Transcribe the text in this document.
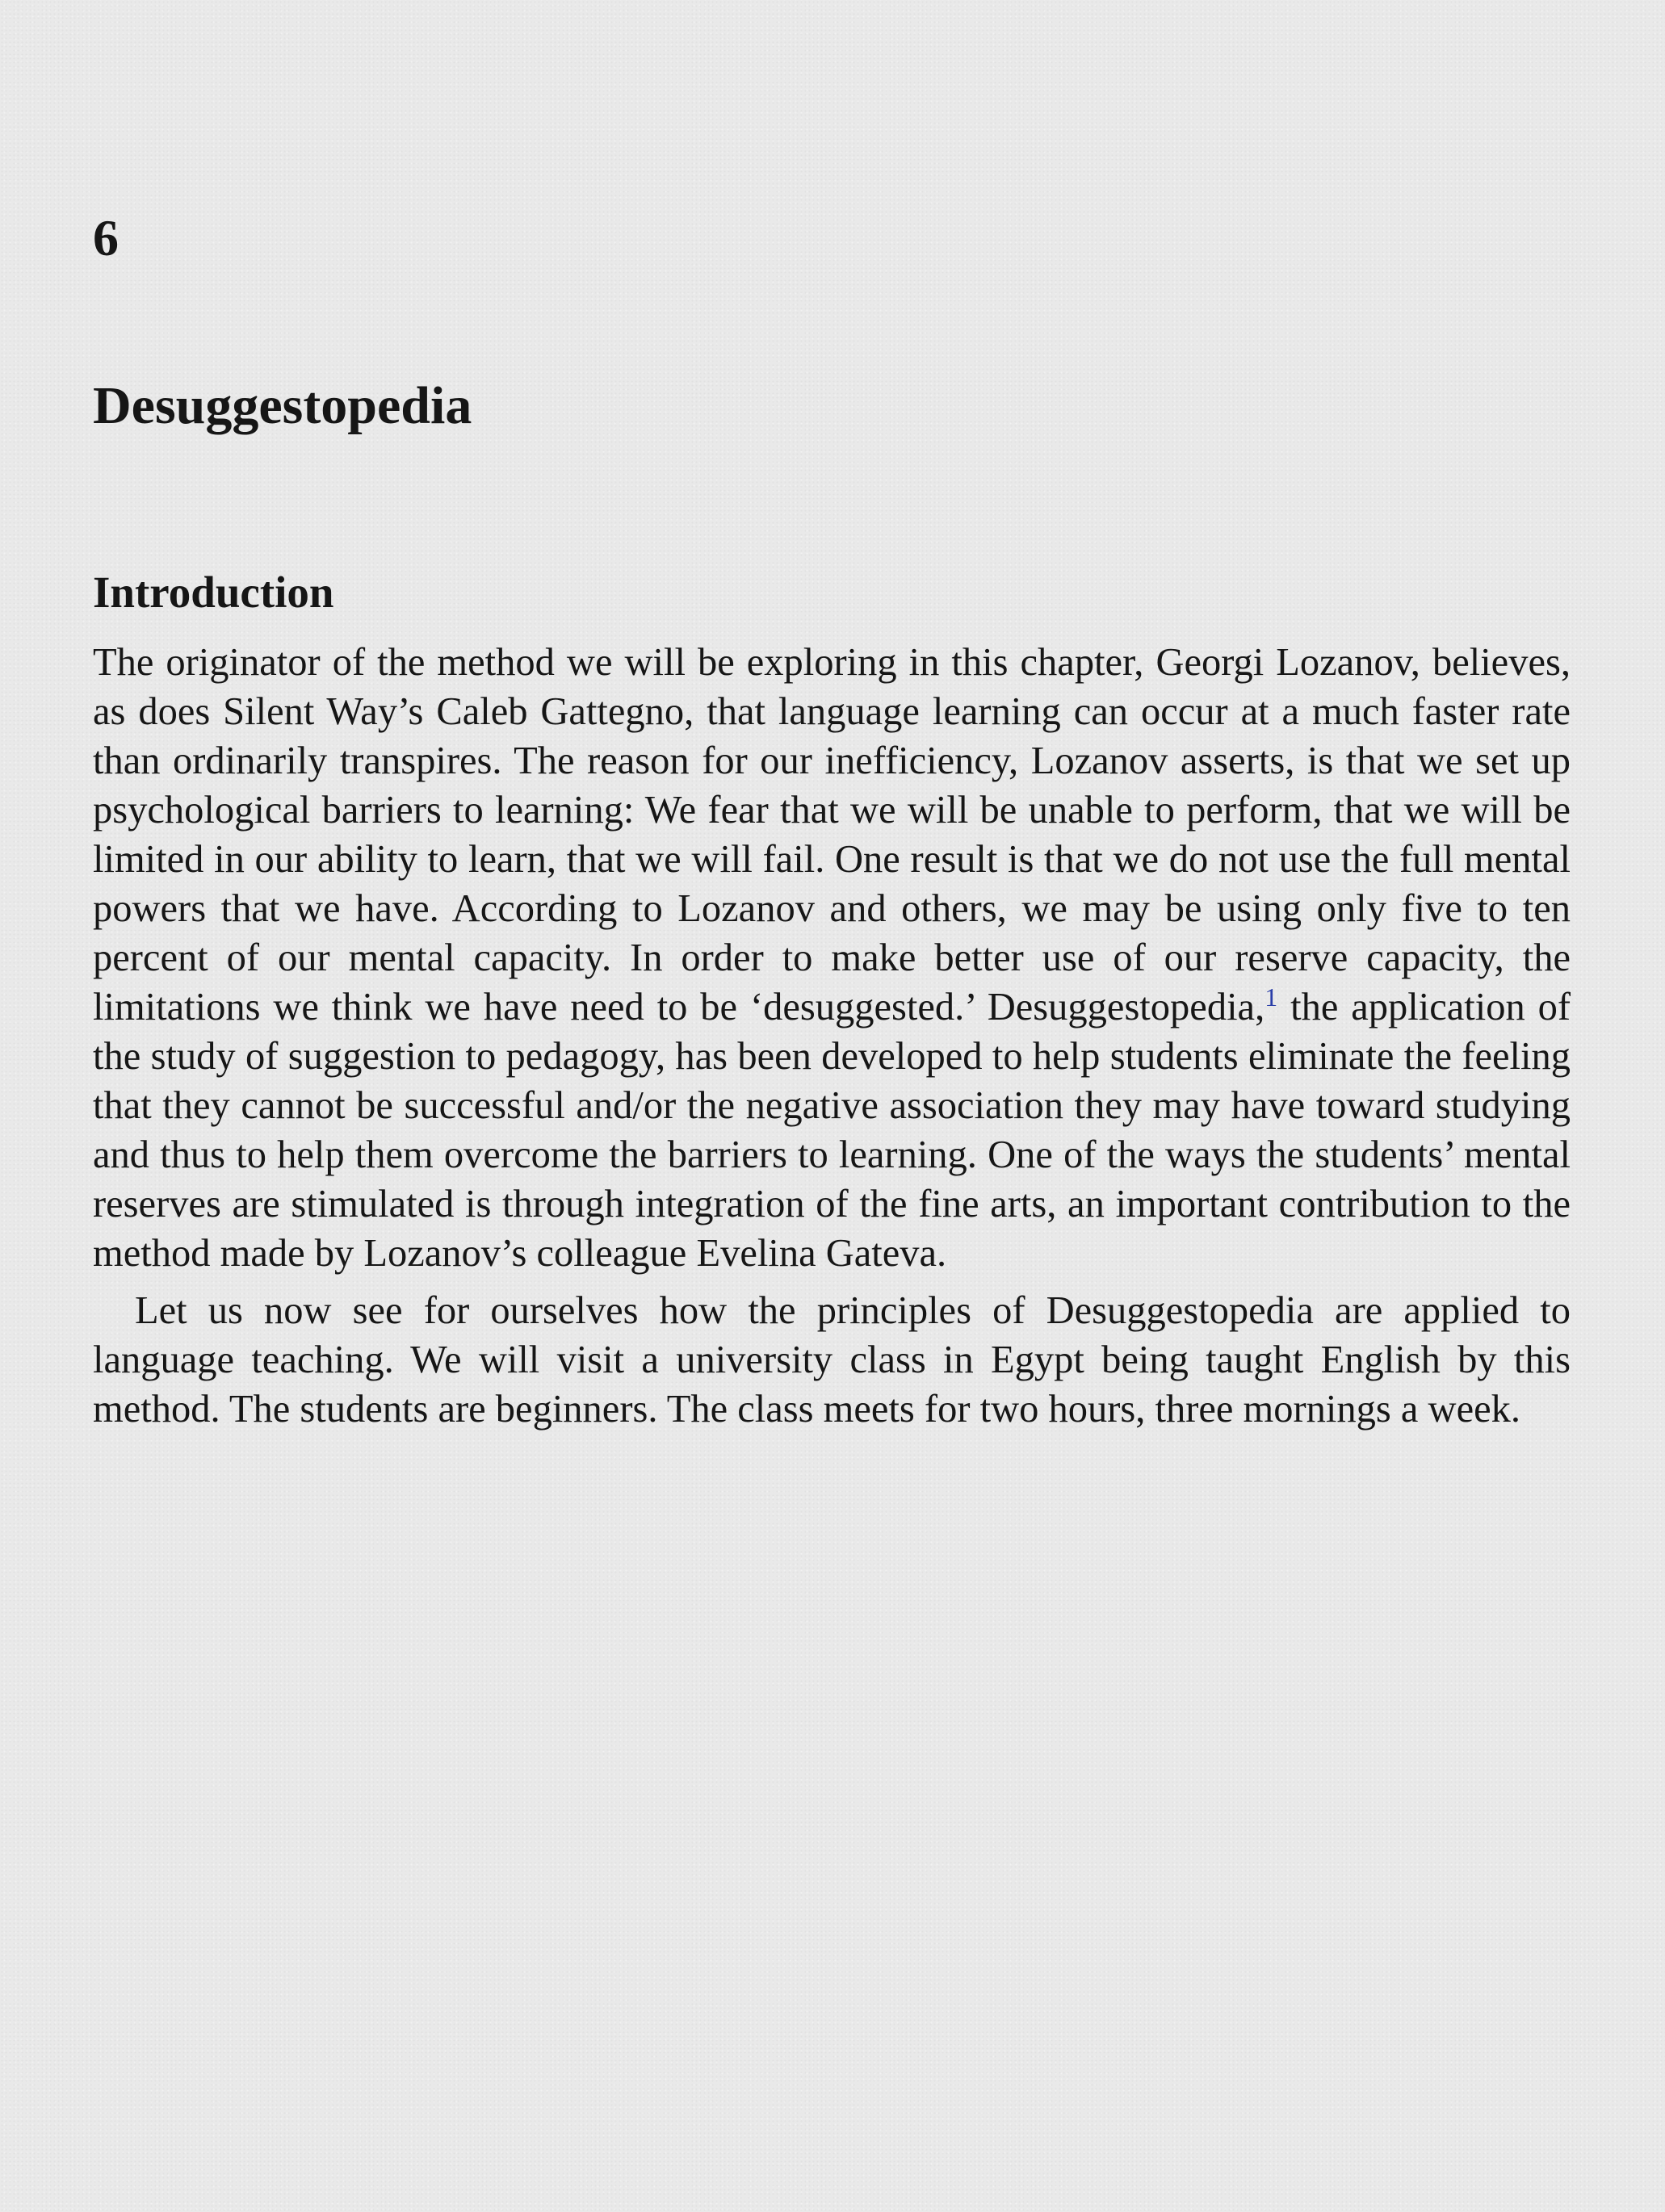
6
Desuggestopedia
Introduction

The originator of the method we will be exploring in this chapter, Georgi Lozanov, believes, as does Silent Way’s Caleb Gattegno, that language learning can occur at a much faster rate than ordinarily transpires. The reason for our inefficiency, Lozanov asserts, is that we set up psychological barriers to learning: We fear that we will be unable to perform, that we will be limited in our ability to learn, that we will fail. One result is that we do not use the full mental powers that we have. According to Lozanov and others, we may be using only five to ten percent of our mental capacity. In order to make better use of our reserve capacity, the limitations we think we have need to be ‘desuggested.’ Desuggestopedia,$^1$ the application of the study of suggestion to pedagogy, has been developed to help students eliminate the feeling that they cannot be successful and/or the negative association they may have toward studying and thus to help them overcome the barriers to learning. One of the ways the students’ mental reserves are stimulated is through integration of the fine arts, an important contribution to the method made by Lozanov’s colleague Evelina Gateva.

Let us now see for ourselves how the principles of Desuggestopedia are applied to language teaching. We will visit a university class in Egypt being taught English by this method. The students are beginners. The class meets for two hours, three mornings a week.
